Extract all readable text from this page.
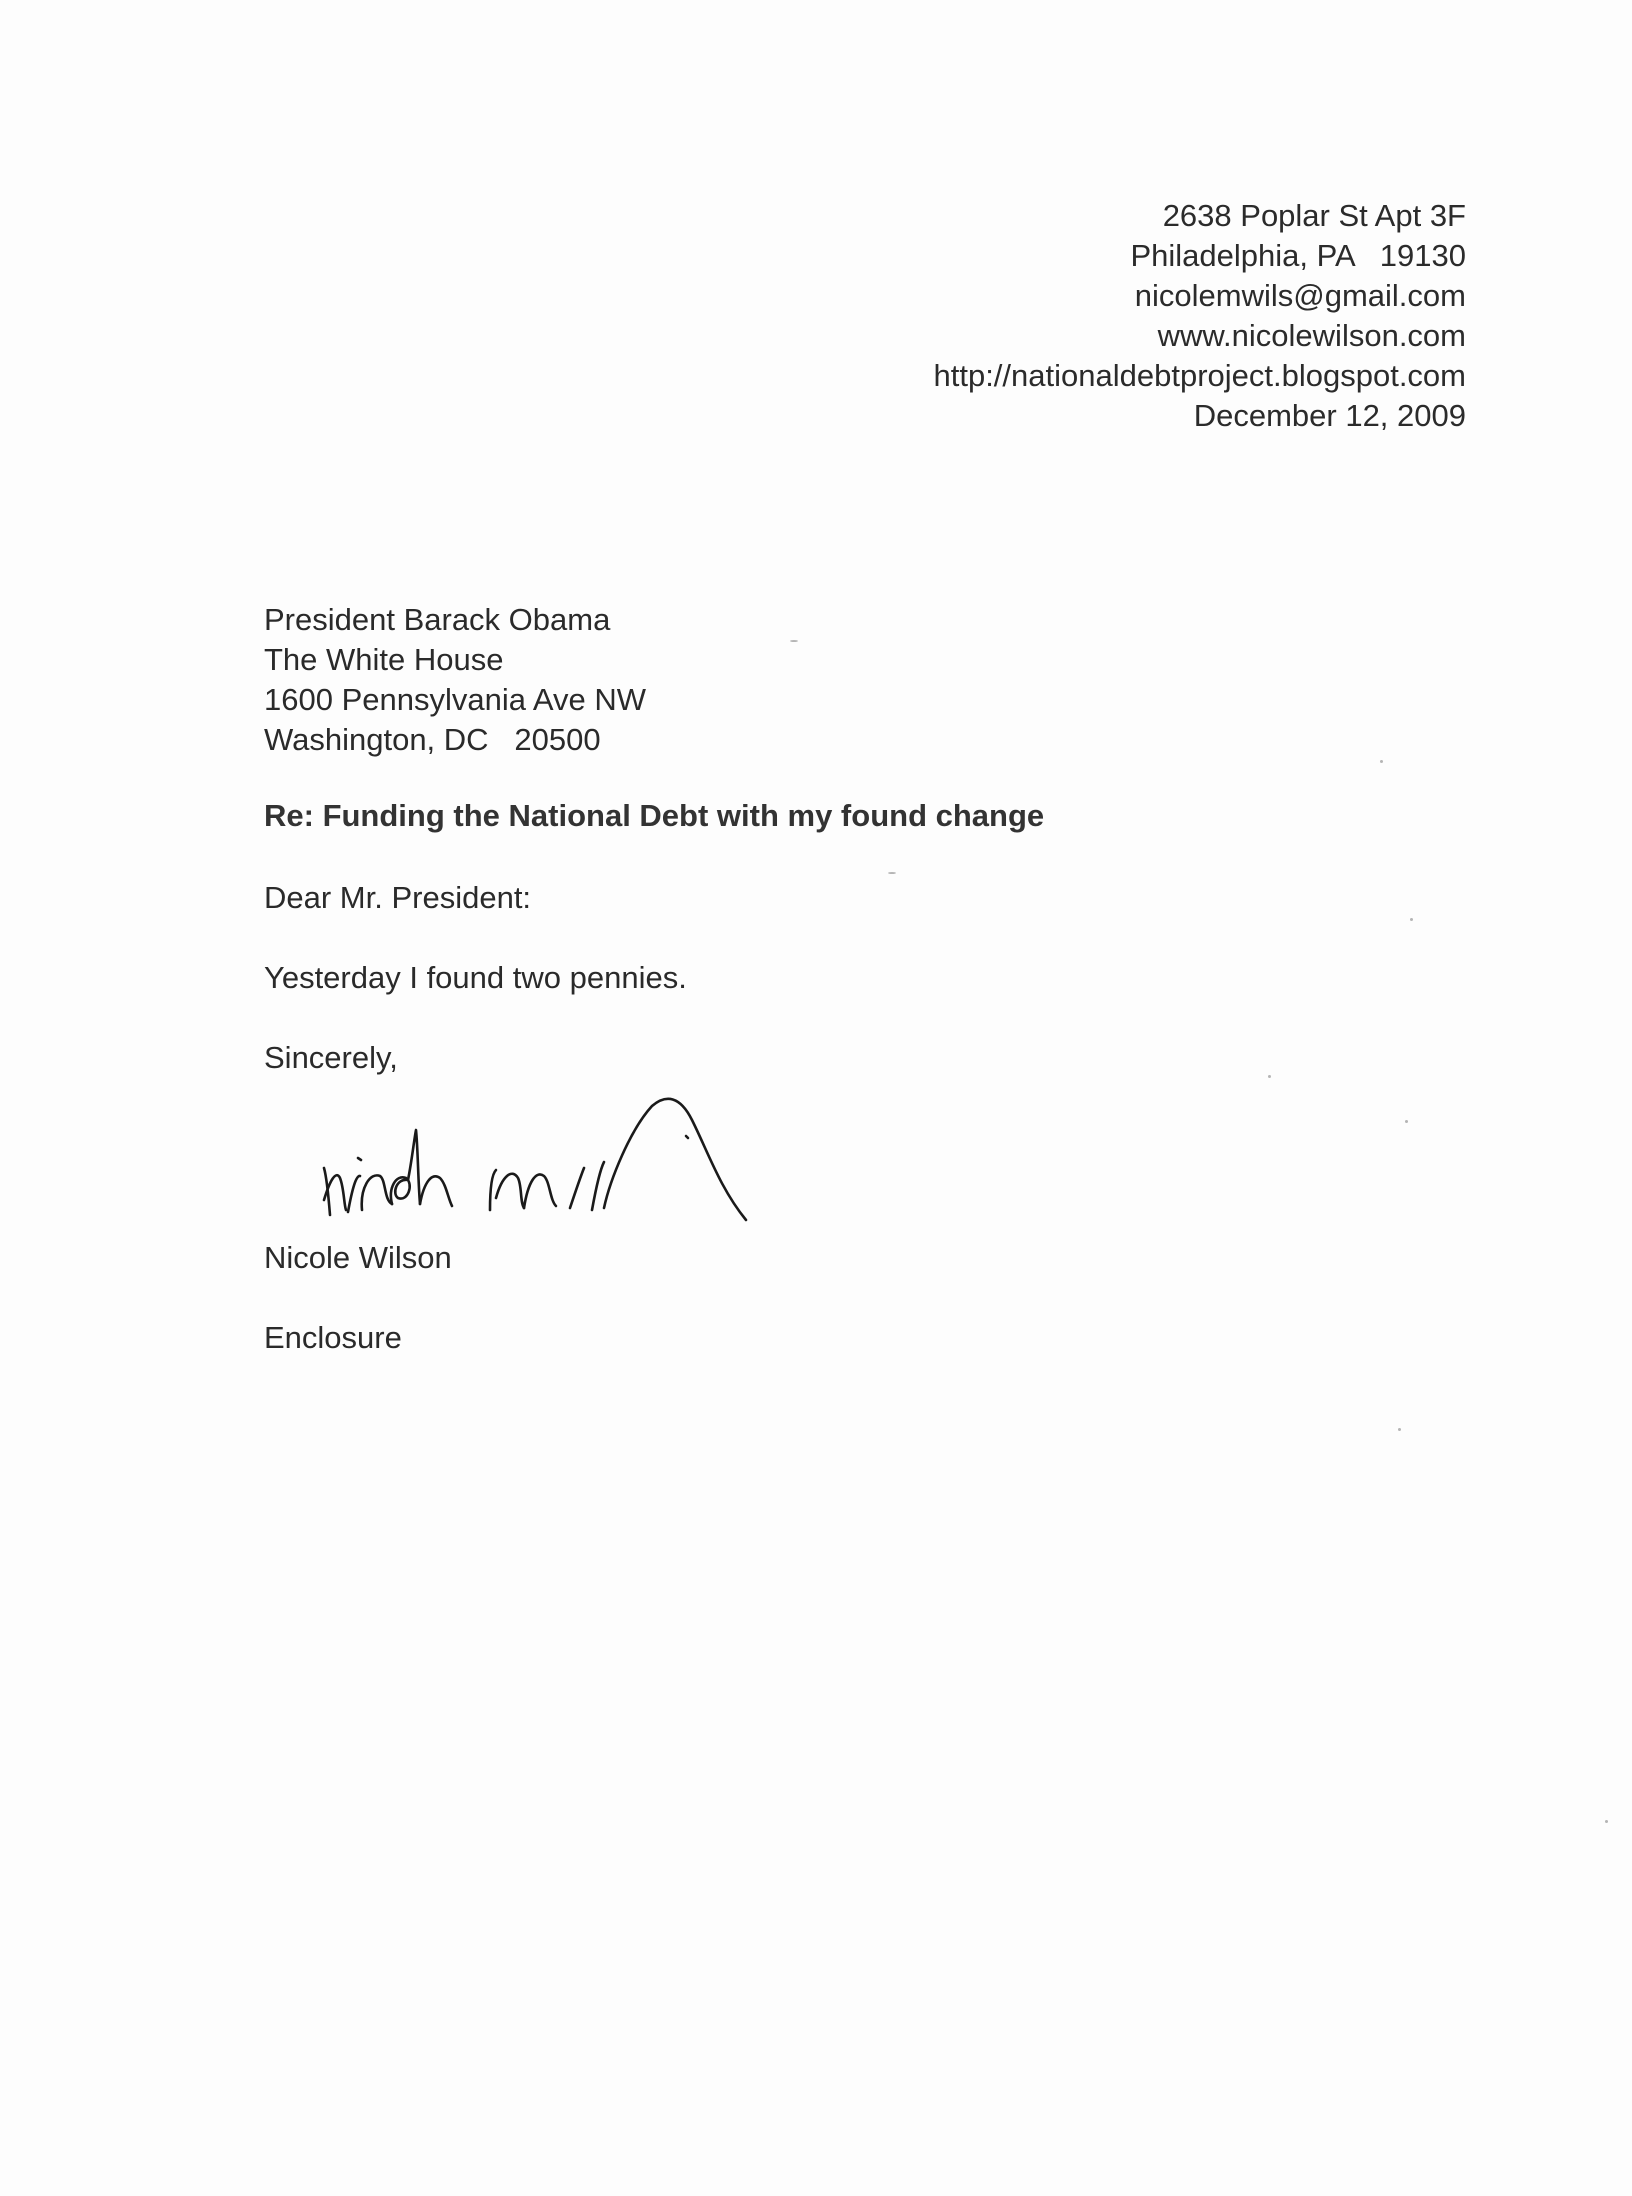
2638 Poplar St Apt 3F
Philadelphia, PA   19130
nicolemwils@gmail.com
www.nicolewilson.com
http://nationaldebtproject.blogspot.com
December 12, 2009
President Barack Obama
The White House
1600 Pennsylvania Ave NW
Washington, DC   20500
Re: Funding the National Debt with my found change
Dear Mr. President:
Yesterday I found two pennies.
Sincerely,
Nicole Wilson
Enclosure
